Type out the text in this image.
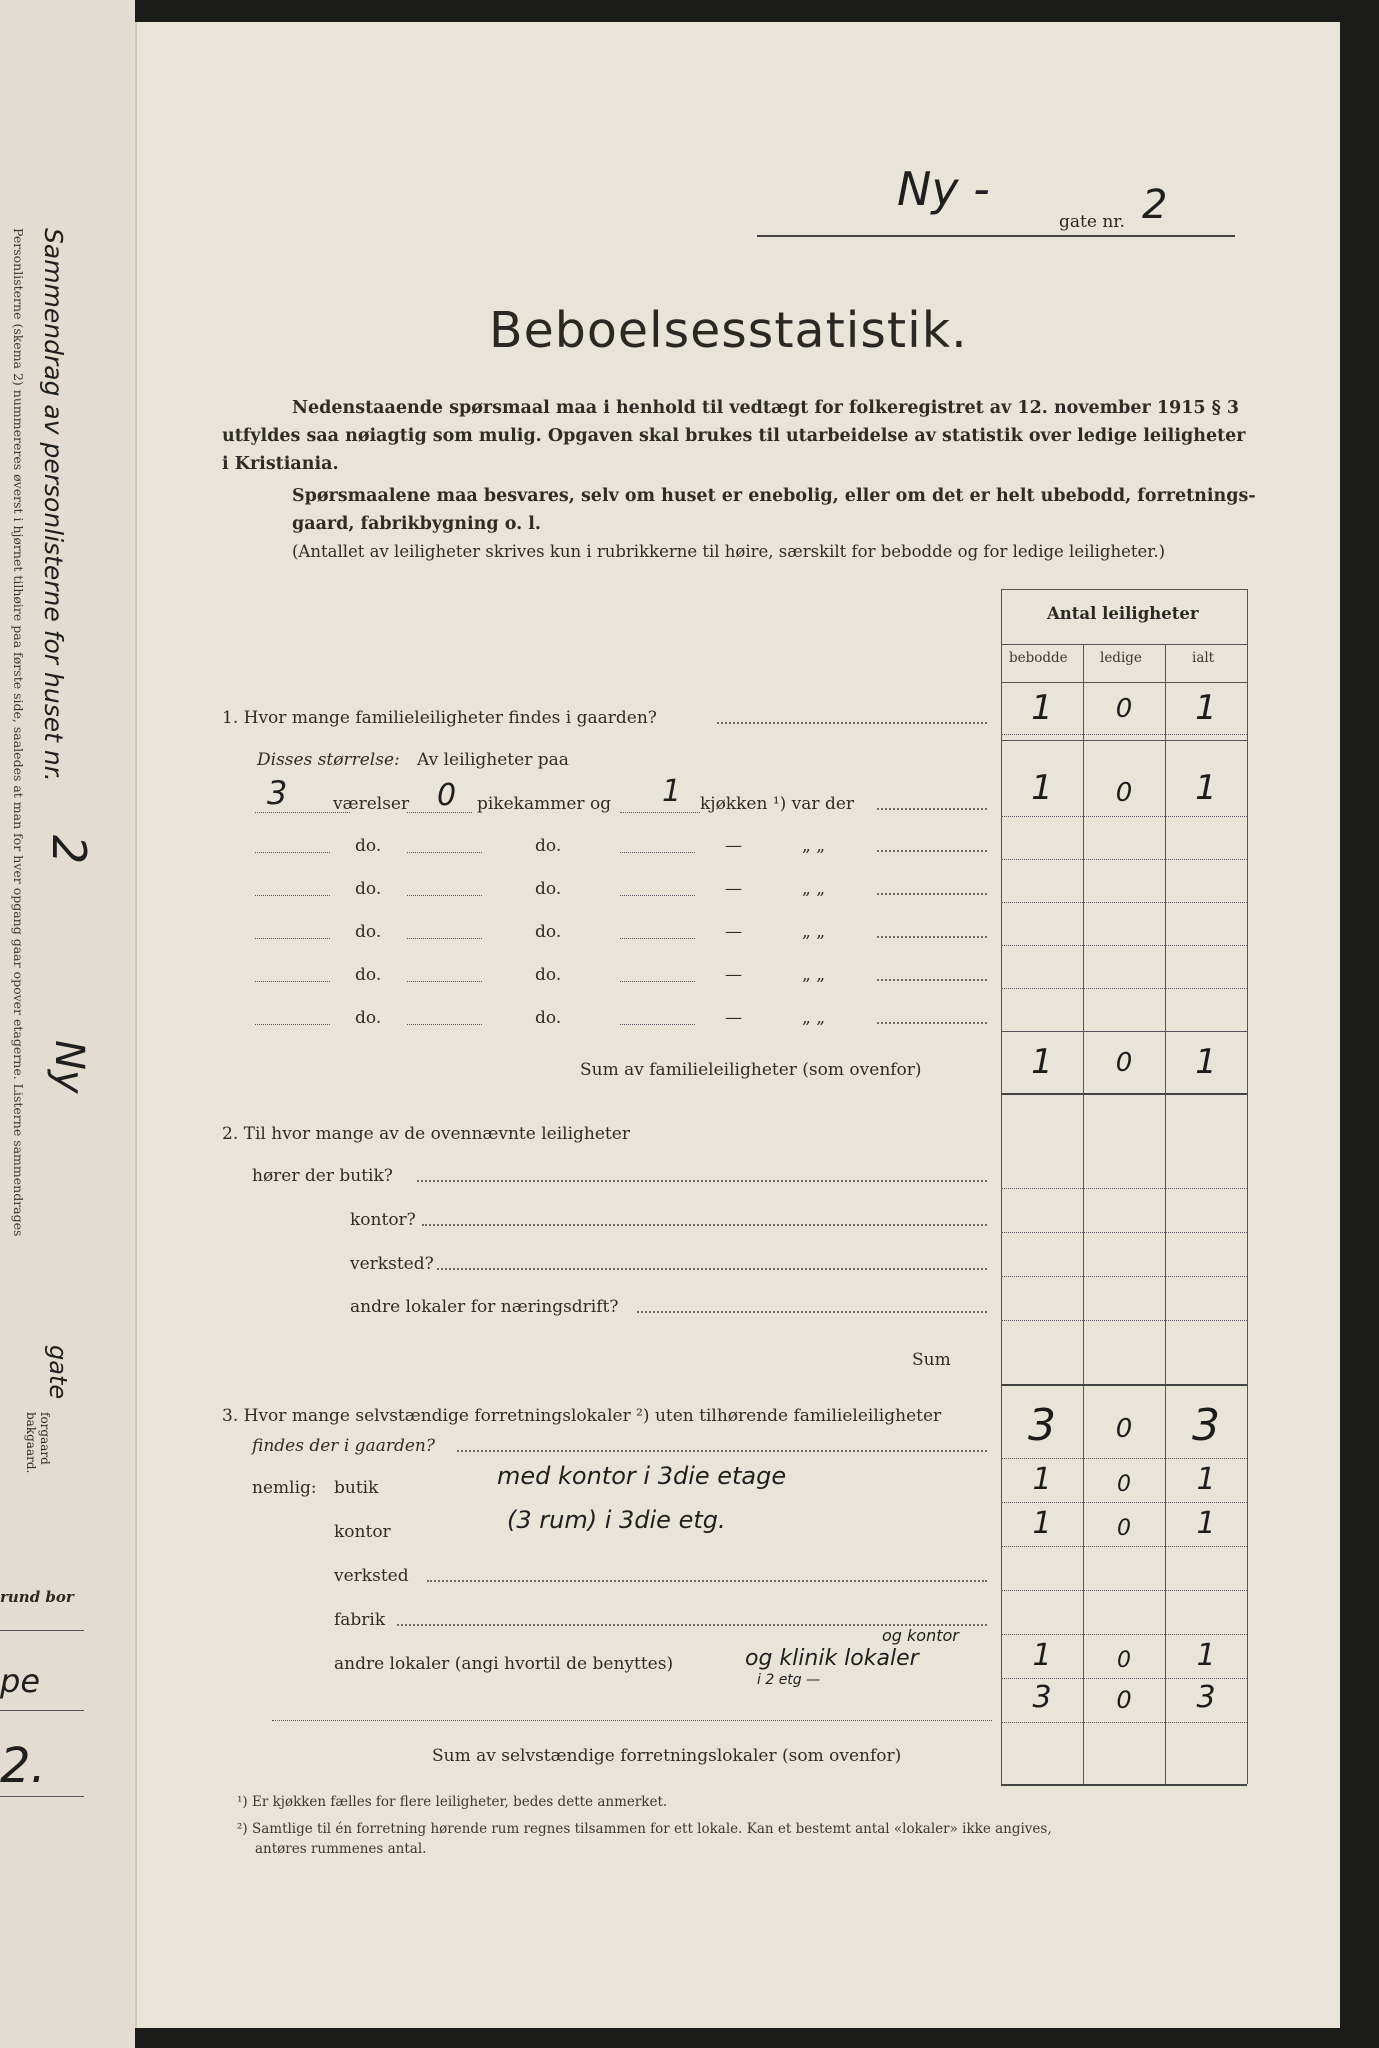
Sammendrag av personlisterne for huset nr.
Personlisterne (skema 2) nummereres øverst i hjørnet tilhøire paa første side, saaledes at man for hver opgang gaar opover etagerne. Listerne sammendrages 2
Ny
gate
forgaard
bakgaard.
rund bor
pe
2.
Ny -
gate nr. 2
Beboelsesstatistik.
Nedenstaaende spørsmaal maa i henhold til vedtægt for folkeregistret av 12. november 1915 § 3
utfyldes saa nøiagtig som mulig. Opgaven skal brukes til utarbeidelse av statistik over ledige leiligheter
i Kristiania.
Spørsmaalene maa besvares, selv om huset er enebolig, eller om det er helt ubebodd, forretnings-
gaard, fabrikbygning o. l.
(Antallet av leiligheter skrives kun i rubrikkerne til høire, særskilt for bebodde og for ledige leiligheter.)
Antal leiligheter
bebodde ledige	ialt
1. Hvor mange familieleiligheter findes i gaarden?	1	0	1
Disses størrelse: Av leiligheter paa
3	værelser 0 pikekammer og 1 kjøkken ¹) var der	1	0	1
do.	do.	—	„ „
do.	do.	—	„ „
do.	do.	—	„ „
do.	do.	—	„ „
do.	do.	—	„ „
Sum av familieleiligheter (som ovenfor)	1	0	1
2. Til hvor mange av de ovennævnte leiligheter
hører der butik?
kontor?
verksted?
andre lokaler for næringsdrift?
Sum
3. Hvor mange selvstændige forretningslokaler ²) uten tilhørende familieleiligheter
findes der i gaarden?	3	0	3
nemlig: butik	med kontor i 3die etage	1	0	1
kontor	(3 rum) i 3die etg.	1	0	1
verksted
fabrik
andre lokaler (angi hvortil de benyttes)
og kontor
og klinik lokaler
i 2 etg —
1	0	1
3	0	3
Sum av selvstændige forretningslokaler (som ovenfor)
¹) Er kjøkken fælles for flere leiligheter, bedes dette anmerket.
²) Samtlige til én forretning hørende rum regnes tilsammen for ett lokale. Kan et bestemt antal «lokaler» ikke angives,
antøres rummenes antal.
